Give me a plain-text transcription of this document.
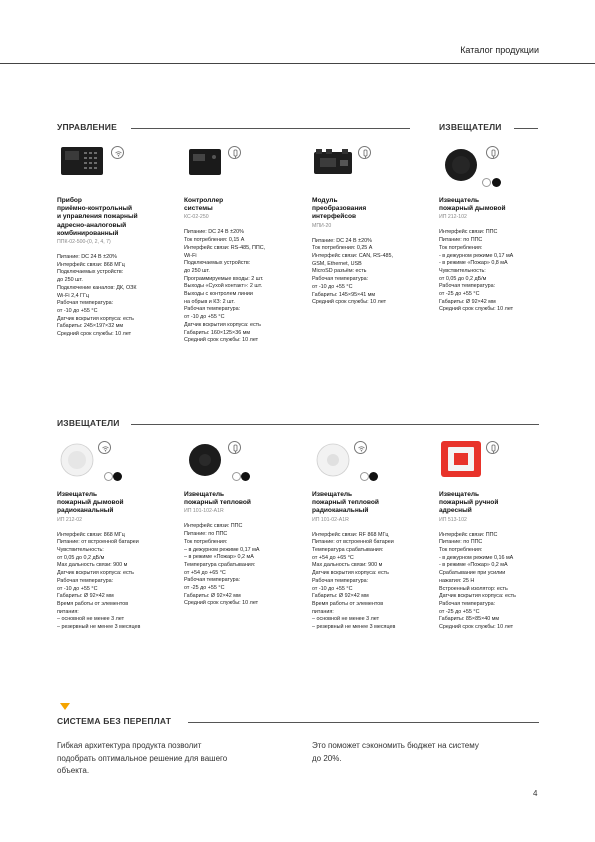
Каталог продукции
УПРАВЛЕНИЕ	ИЗВЕЩАТЕЛИ
Прибор
приёмно-контрольный
и управления пожарный
адресно-аналоговый
комбинированный
ППК-02-500-(0, 2, 4, 7)
Питание: DC 24 В ±20%
Интерфейс связи: 868 МГц
Подключаемых устройств:
до 250 шт.
Подключение каналов: ДК, ОЗК
Wi-Fi 2,4 ГГц
Рабочая температура:
от -10 до +55 °С
Датчик вскрытия корпуса: есть
Габариты: 245×197×32 мм
Средний срок службы: 10 лет
Контроллер
системы
КС-02-250
Питание: DC 24 В ±20%
Ток потребления: 0,15 А
Интерфейс связи: RS-485, ППС,
Wi-Fi
Подключаемых устройств:
до 250 шт.
Программируемые входы: 2 шт.
Выходы «Сухой контакт»: 2 шт.
Выходы с контролем линии
на обрыв и КЗ: 2 шт.
Рабочая температура:
от -10 до +55 °С
Датчик вскрытия корпуса: есть
Габариты: 160×125×36 мм
Средний срок службы: 10 лет
Модуль
преобразования
интерфейсов
МПИ-20
Питание: DC 24 В ±20%
Ток потребления: 0,25 А
Интерфейс связи: CAN, RS-485,
GSM, Ethernet, USB
MicroSD разъём: есть
Рабочая температура:
от -10 до +55 °С
Габариты: 145×95×41 мм
Средний срок службы: 10 лет
Извещатель
пожарный дымовой
ИП 212-102
Интерфейс связи: ППС
Питание: по ППС
Ток потребления:
- в дежурном режиме 0,17 мА
- в режиме «Пожар» 0,8 мА
Чувствительность:
от 0,05 до 0,2 дБ/м
Рабочая температура:
от -25 до +55 °С
Габариты: Ø 92×42 мм
Средний срок службы: 10 лет
ИЗВЕЩАТЕЛИ
Извещатель
пожарный дымовой
радиоканальный
ИП 212-02
Интерфейс связи: 868 МГц
Питание: от встроенной батареи
Чувствительность:
от 0,05 до 0,2 дБ/м
Max дальность связи: 900 м
Датчик вскрытия корпуса: есть
Рабочая температура:
от -10 до +55 °С
Габариты: Ø 92×42 мм
Время работы от элементов
питания:
– основной не менее 3 лет
– резервный не менее 3 месяцев
Извещатель
пожарный тепловой
ИП 101-102-A1R
Интерфейс связи: ППС
Питание: по ППС
Ток потребления:
– в дежурном режиме 0,17 мА
– в режиме «Пожар» 0,2 мА
Температура срабатывания:
от +54 до +65 °С
Рабочая температура:
от -25 до +55 °С
Габариты: Ø 92×42 мм
Средний срок службы: 10 лет
Извещатель
пожарный тепловой
радиоканальный
ИП 101-02-A1R
Интерфейс связи: RF 868 МГц
Питание: от встроенной батареи
Температура срабатывания:
от +54 до +65 °С
Max дальность связи: 900 м
Датчик вскрытия корпуса: есть
Рабочая температура:
от -10 до +55 °С
Габариты: Ø 92×42 мм
Время работы от элементов
питания:
– основной не менее 3 лет
– резервный не менее 3 месяцев
Извещатель
пожарный ручной
адресный
ИП 513-102
Интерфейс связи: ППС
Питание: по ППС
Ток потребления:
- в дежурном режиме 0,16 мА
- в режиме «Пожар» 0,2 мА
Срабатывание при усилии
нажатия: 25 Н
Встроенный изолятор: есть
Датчик вскрытия корпуса: есть
Рабочая температура:
от -25 до +55 °С
Габариты: 85×85×40 мм
Средний срок службы: 10 лет
СИСТЕМА БЕЗ ПЕРЕПЛАТ
Гибкая архитектура продукта позволит
подобрать оптимальное решение для вашего
объекта.
Это поможет сэкономить бюджет на систему
до 20%.
4
